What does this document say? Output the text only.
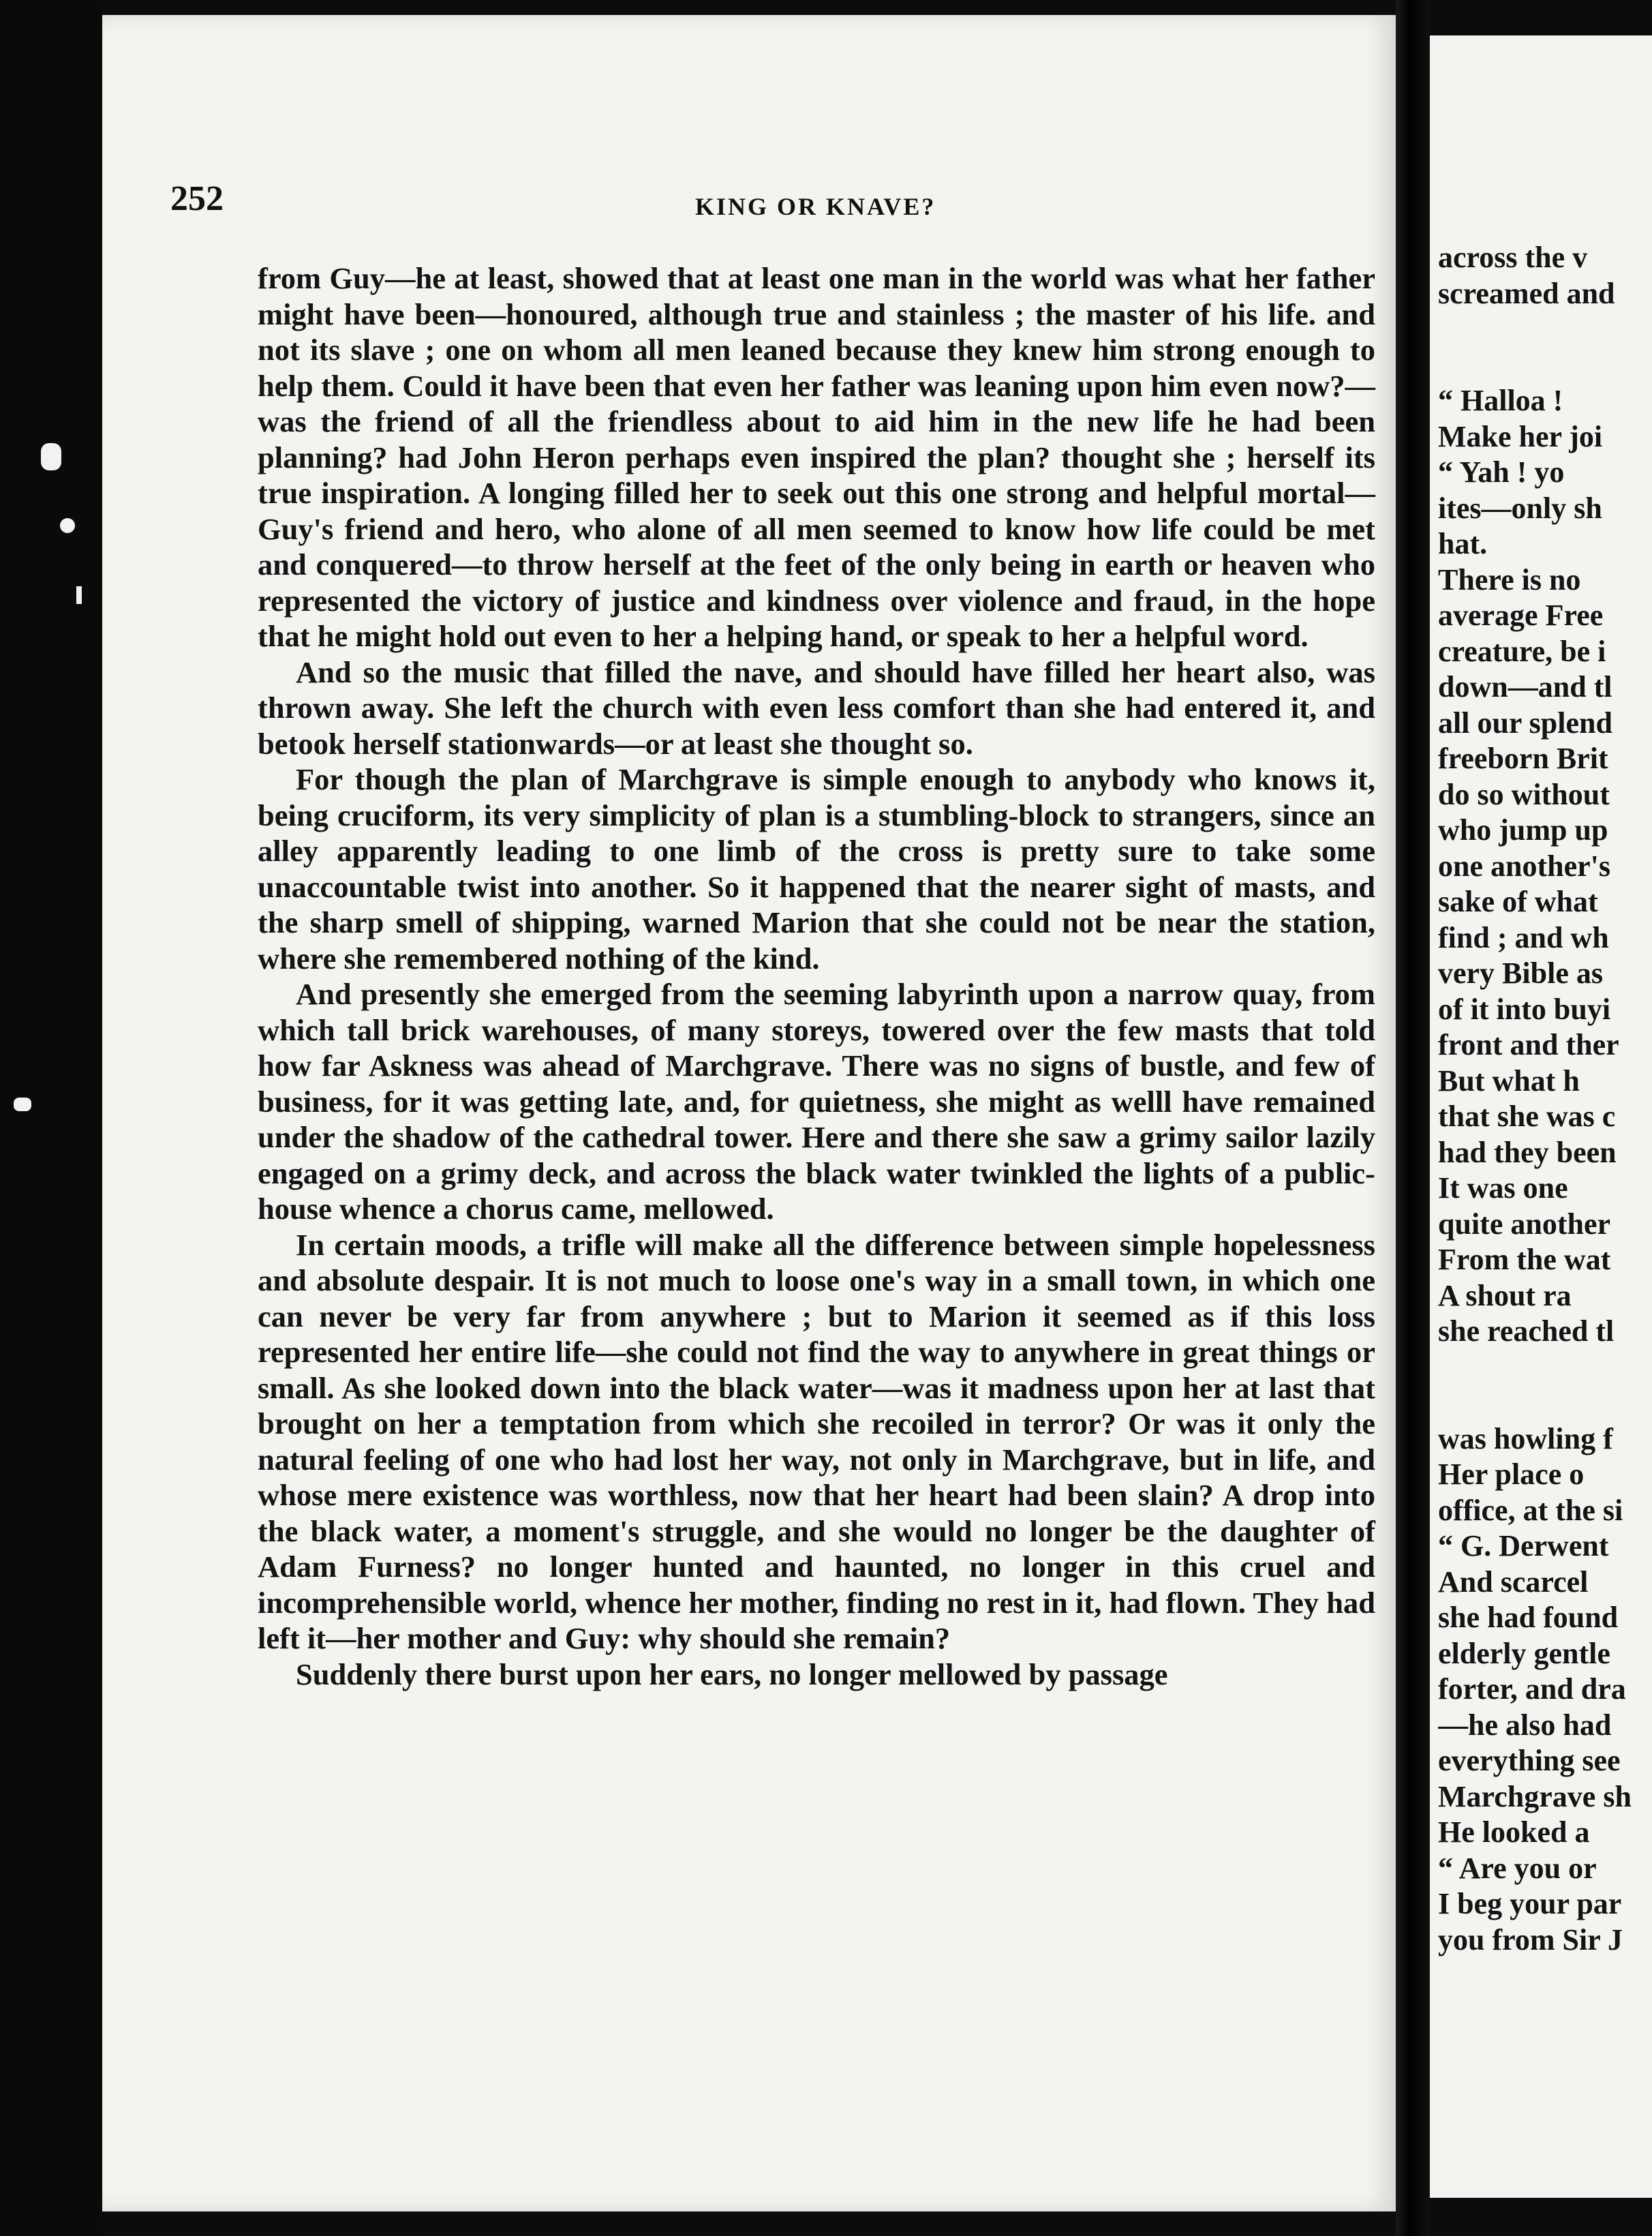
252	KING OR KNAVE?

from Guy—he at least, showed that at least one man in the world was what her father might have been—honoured, although true and stainless ; the master of his life. and not its slave ; one on whom all men leaned because they knew him strong enough to help them. Could it have been that even her father was leaning upon him even now?—was the friend of all the friendless about to aid him in the new life he had been planning? had John Heron perhaps even inspired the plan? thought she ; herself its true inspiration. A longing filled her to seek out this one strong and helpful mortal—Guy's friend and hero, who alone of all men seemed to know how life could be met and conquered—to throw herself at the feet of the only being in earth or heaven who represented the victory of justice and kindness over violence and fraud, in the hope that he might hold out even to her a helping hand, or speak to her a helpful word.

And so the music that filled the nave, and should have filled her heart also, was thrown away. She left the church with even less comfort than she had entered it, and betook herself stationwards—or at least she thought so.

For though the plan of Marchgrave is simple enough to anybody who knows it, being cruciform, its very simplicity of plan is a stumbling-block to strangers, since an alley apparently leading to one limb of the cross is pretty sure to take some unaccountable twist into another. So it happened that the nearer sight of masts, and the sharp smell of shipping, warned Marion that she could not be near the station, where she remembered nothing of the kind.

And presently she emerged from the seeming labyrinth upon a narrow quay, from which tall brick warehouses, of many storeys, towered over the few masts that told how far Askness was ahead of Marchgrave. There was no signs of bustle, and few of business, for it was getting late, and, for quietness, she might as welll have remained under the shadow of the cathedral tower. Here and there she saw a grimy sailor lazily engaged on a grimy deck, and across the black water twinkled the lights of a public-house whence a chorus came, mellowed.

In certain moods, a trifle will make all the difference between simple hopelessness and absolute despair. It is not much to loose one's way in a small town, in which one can never be very far from anywhere ; but to Marion it seemed as if this loss represented her entire life—she could not find the way to anywhere in great things or small. As she looked down into the black water—was it madness upon her at last that brought on her a temptation from which she recoiled in terror? Or was it only the natural feeling of one who had lost her way, not only in Marchgrave, but in life, and whose mere existence was worthless, now that her heart had been slain? A drop into the black water, a moment's struggle, and she would no longer be the daughter of Adam Furness? no longer hunted and haunted, no longer in this cruel and incomprehensible world, whence her mother, finding no rest in it, had flown. They had left it—her mother and Guy: why should she remain?

Suddenly there burst upon her ears, no longer mellowed by passage

across the v
screamed and
“ Halloa !
Make her joi
“ Yah ! yo
ites—only sh
hat.
There is no
average Free
creature, be i
down—and tl
all our splend
freeborn Brit
do so without
who jump up
one another's
sake of what
find ; and wh
very Bible as
of it into buyi
front and ther
But what h
that she was c
had they been
It was one
quite another
From the wat
A shout ra
she reached tl
was howling f
Her place o
office, at the si
“ G. Derwent
And scarcel
she had found
elderly gentle
forter, and dra
—he also had
everything see
Marchgrave sh
He looked a
“ Are you or
I beg your par
you from Sir J
